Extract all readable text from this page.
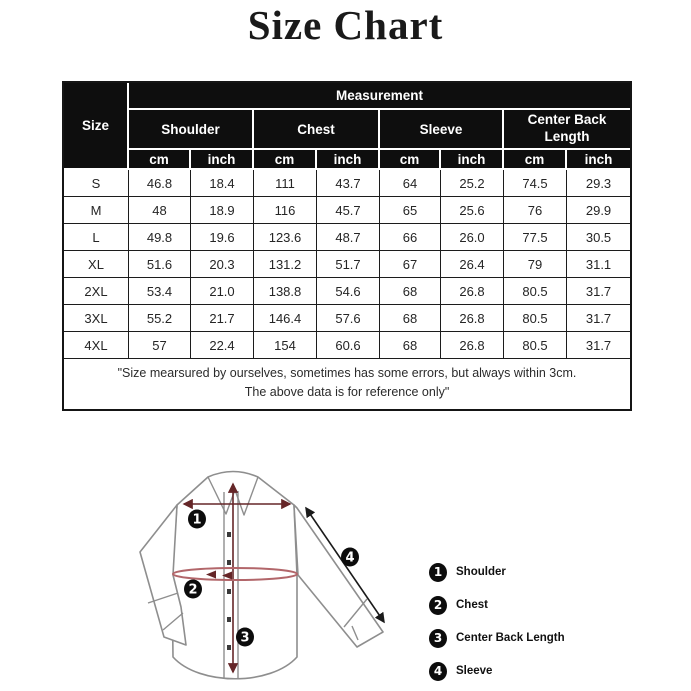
Size Chart
Size	Measurement							
	Shoulder		Chest		Sleeve		Center Back Length	
	cm	inch	cm	inch	cm	inch	cm	inch
S	46.8	18.4	111	43.7	64	25.2	74.5	29.3
M	48	18.9	116	45.7	65	25.6	76	29.9
L	49.8	19.6	123.6	48.7	66	26.0	77.5	30.5
XL	51.6	20.3	131.2	51.7	67	26.4	79	31.1
2XL	53.4	21.0	138.8	54.6	68	26.8	80.5	31.7
3XL	55.2	21.7	146.4	57.6	68	26.8	80.5	31.7
4XL	57	22.4	154	60.6	68	26.8	80.5	31.7

"Size mearsured by ourselves, sometimes has some errors, but always within 3cm.
The above data is for reference only"								
1
2
3
4
1	Shoulder
2	Chest
3	Center Back Length
4	Sleeve
